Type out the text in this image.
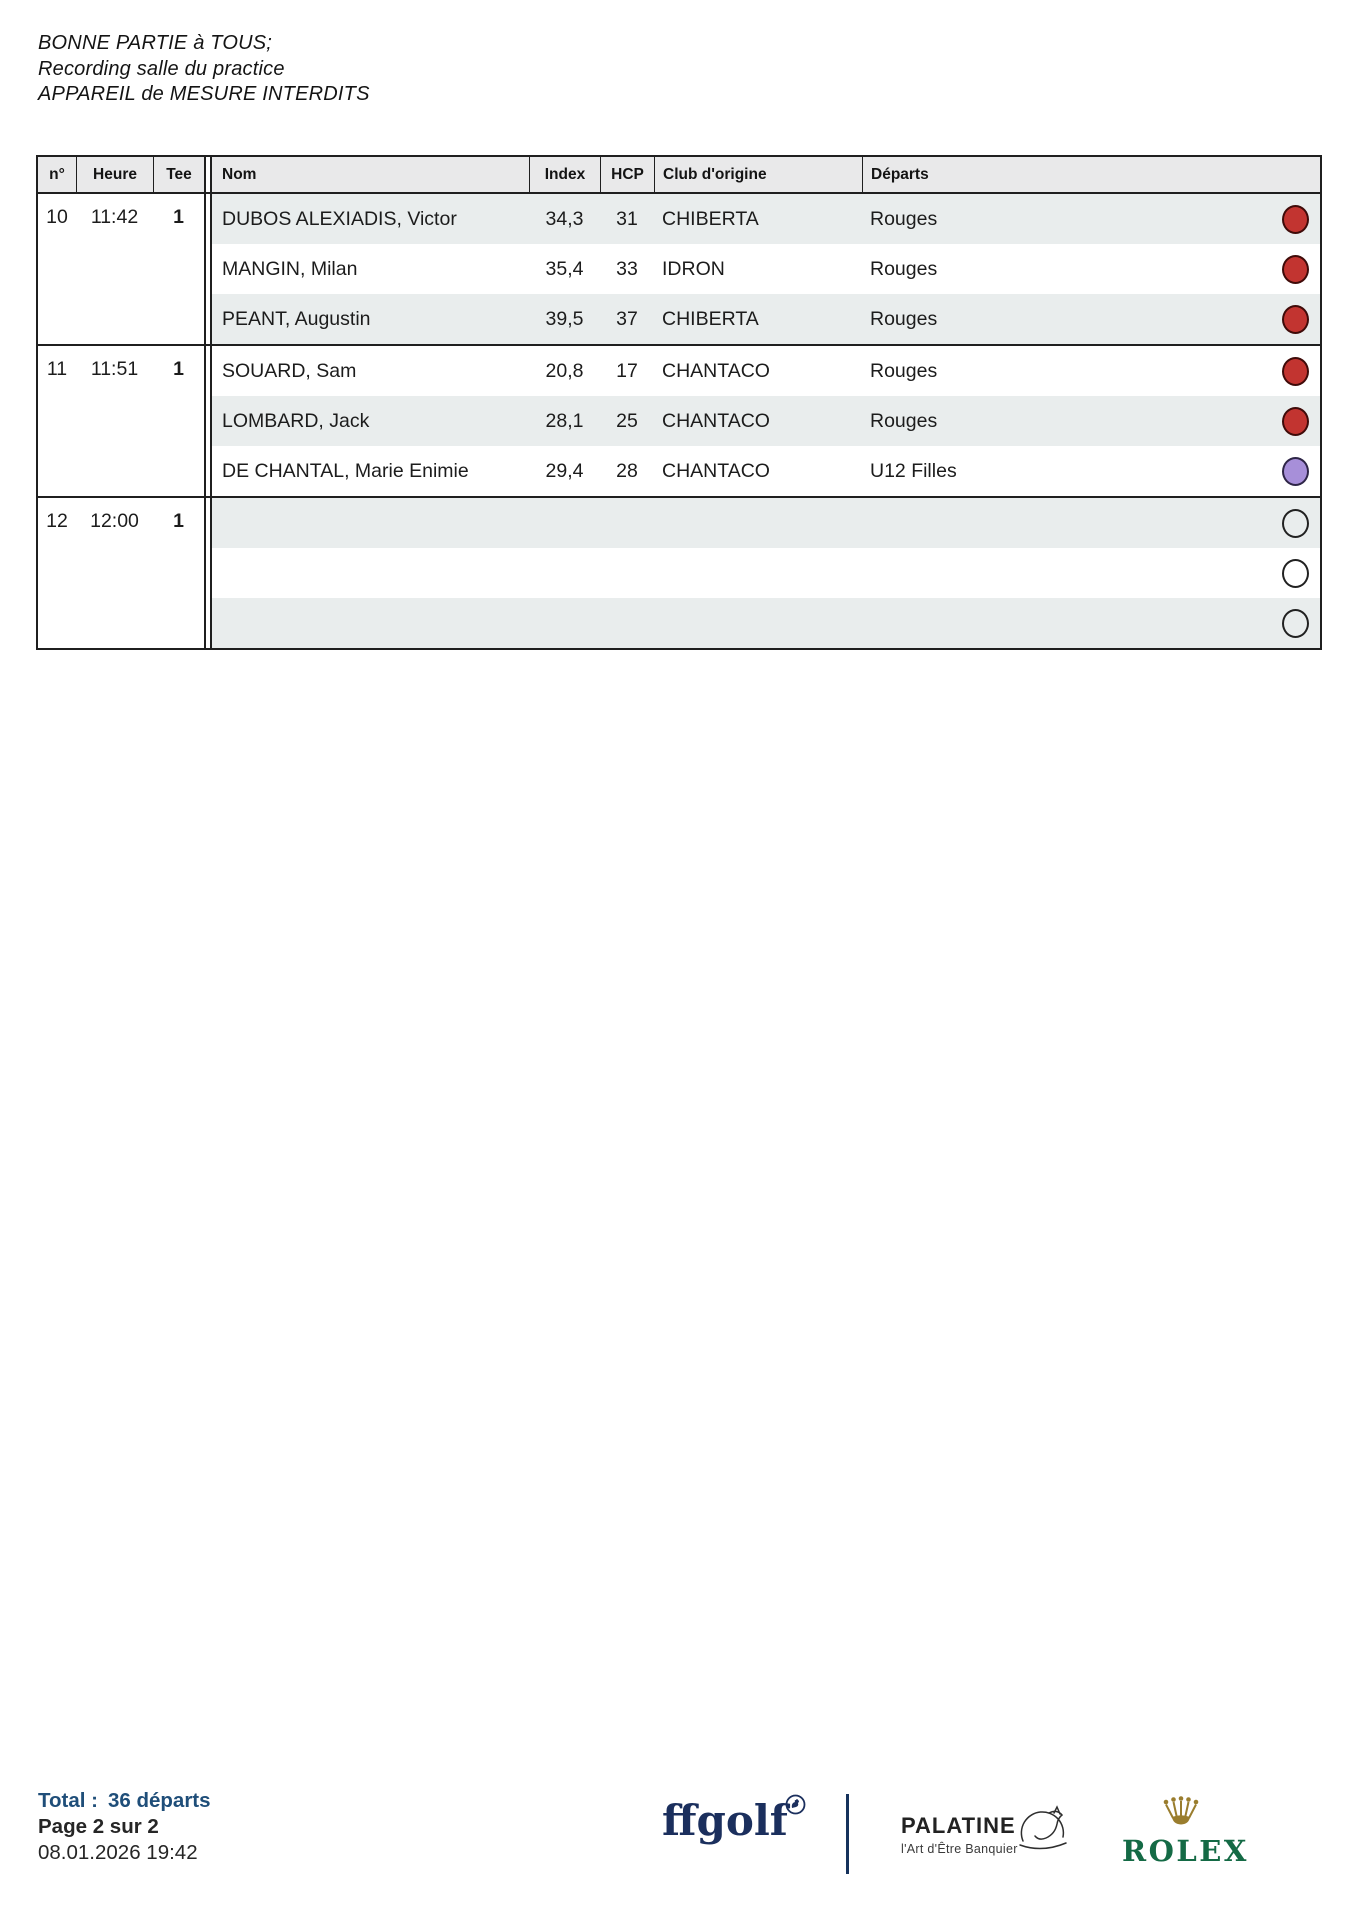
BONNE PARTIE à TOUS;
Recording salle du practice
APPAREIL de MESURE INTERDITS
n°	Heure	Tee	Nom	Index	HCP	Club d'origine	Départs
10	11:42	1	DUBOS ALEXIADIS, Victor	34,3	31	CHIBERTA	Rouges
MANGIN, Milan	35,4	33	IDRON	Rouges
PEANT, Augustin	39,5	37	CHIBERTA	Rouges
11	11:51	1	SOUARD, Sam	20,8	17	CHANTACO	Rouges
LOMBARD, Jack	28,1	25	CHANTACO	Rouges
DE CHANTAL, Marie Enimie	29,4	28	CHANTACO	U12 Filles
12	12:00	1
Total : 36 départs
Page 2 sur 2
08.01.2026 19:42
ffgolf	PALATINE
l'Art d'Être Banquier	ROLEX
